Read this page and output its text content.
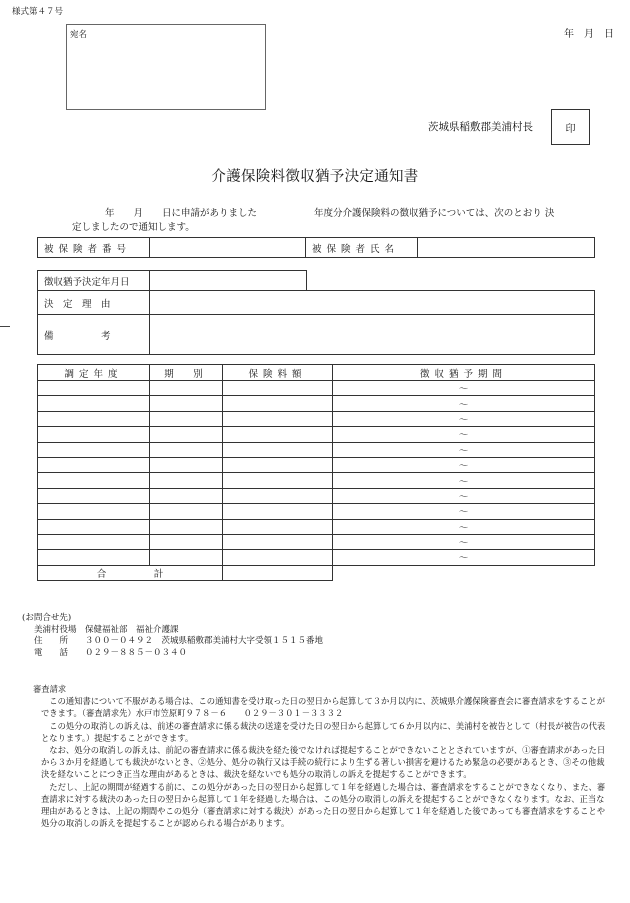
様式第４７号
年　月　日
宛名
茨城県稲敷郡美浦村長	印
介護保険料徴収猶予決定通知書
年　　月　　日に申請がありました　　　　　　年度分介護保険料の徴収猶予については、次のとおり 決
定しましたので通知します。
被保険者番号		被保険者氏名	
徴収猶予決定年月日	
決　定　理　由	
備　　　　　考	
調定年度	期　別	保険料額	徴収猶予期間
			～
			～
			～
			～
			～
			～
			～
			～
			～
			～
			～
			～
合　　　　　計			
(お問合せ先)
美浦村役場　保健福祉部　福祉介護課
住　　所　　 ３００－０４９２　茨城県稲敷郡美浦村大字受領１５１５番地
電　　話　　 ０２９－８８５－０３４０

審査請求

この通知書について不服がある場合は、この通知書を受け取った日の翌日から起算して３か月以内に、茨城県介護保険審査会に審査請求をすることができます。（審査請求先）水戸市笠原町９７８－６　　０２９－３０１－３３３２

この処分の取消しの訴えは、前述の審査請求に係る裁決の送達を受けた日の翌日から起算して６か月以内に、美浦村を被告として（村長が被告の代表となります。）提起することができます。

なお、処分の取消しの訴えは、前記の審査請求に係る裁決を経た後でなければ提起することができないこととされていますが、①審査請求があった日から３か月を経過しても裁決がないとき、②処分、処分の執行又は手続の続行により生ずる著しい損害を避けるため緊急の必要があるとき、③その他裁決を経ないことにつき正当な理由があるときは、裁決を経ないでも処分の取消しの訴えを提起することができます。

ただし、上記の期間が経過する前に、この処分があった日の翌日から起算して１年を経過した場合は、審査請求をすることができなくなり、また、審査請求に対する裁決のあった日の翌日から起算して１年を経過した場合は、この処分の取消しの訴えを提起することができなくなります。なお、正当な理由があるときは、上記の期間やこの処分（審査請求に対する裁決）があった日の翌日から起算して１年を経過した後であっても審査請求をすることや処分の取消しの訴えを提起することが認められる場合があります。
